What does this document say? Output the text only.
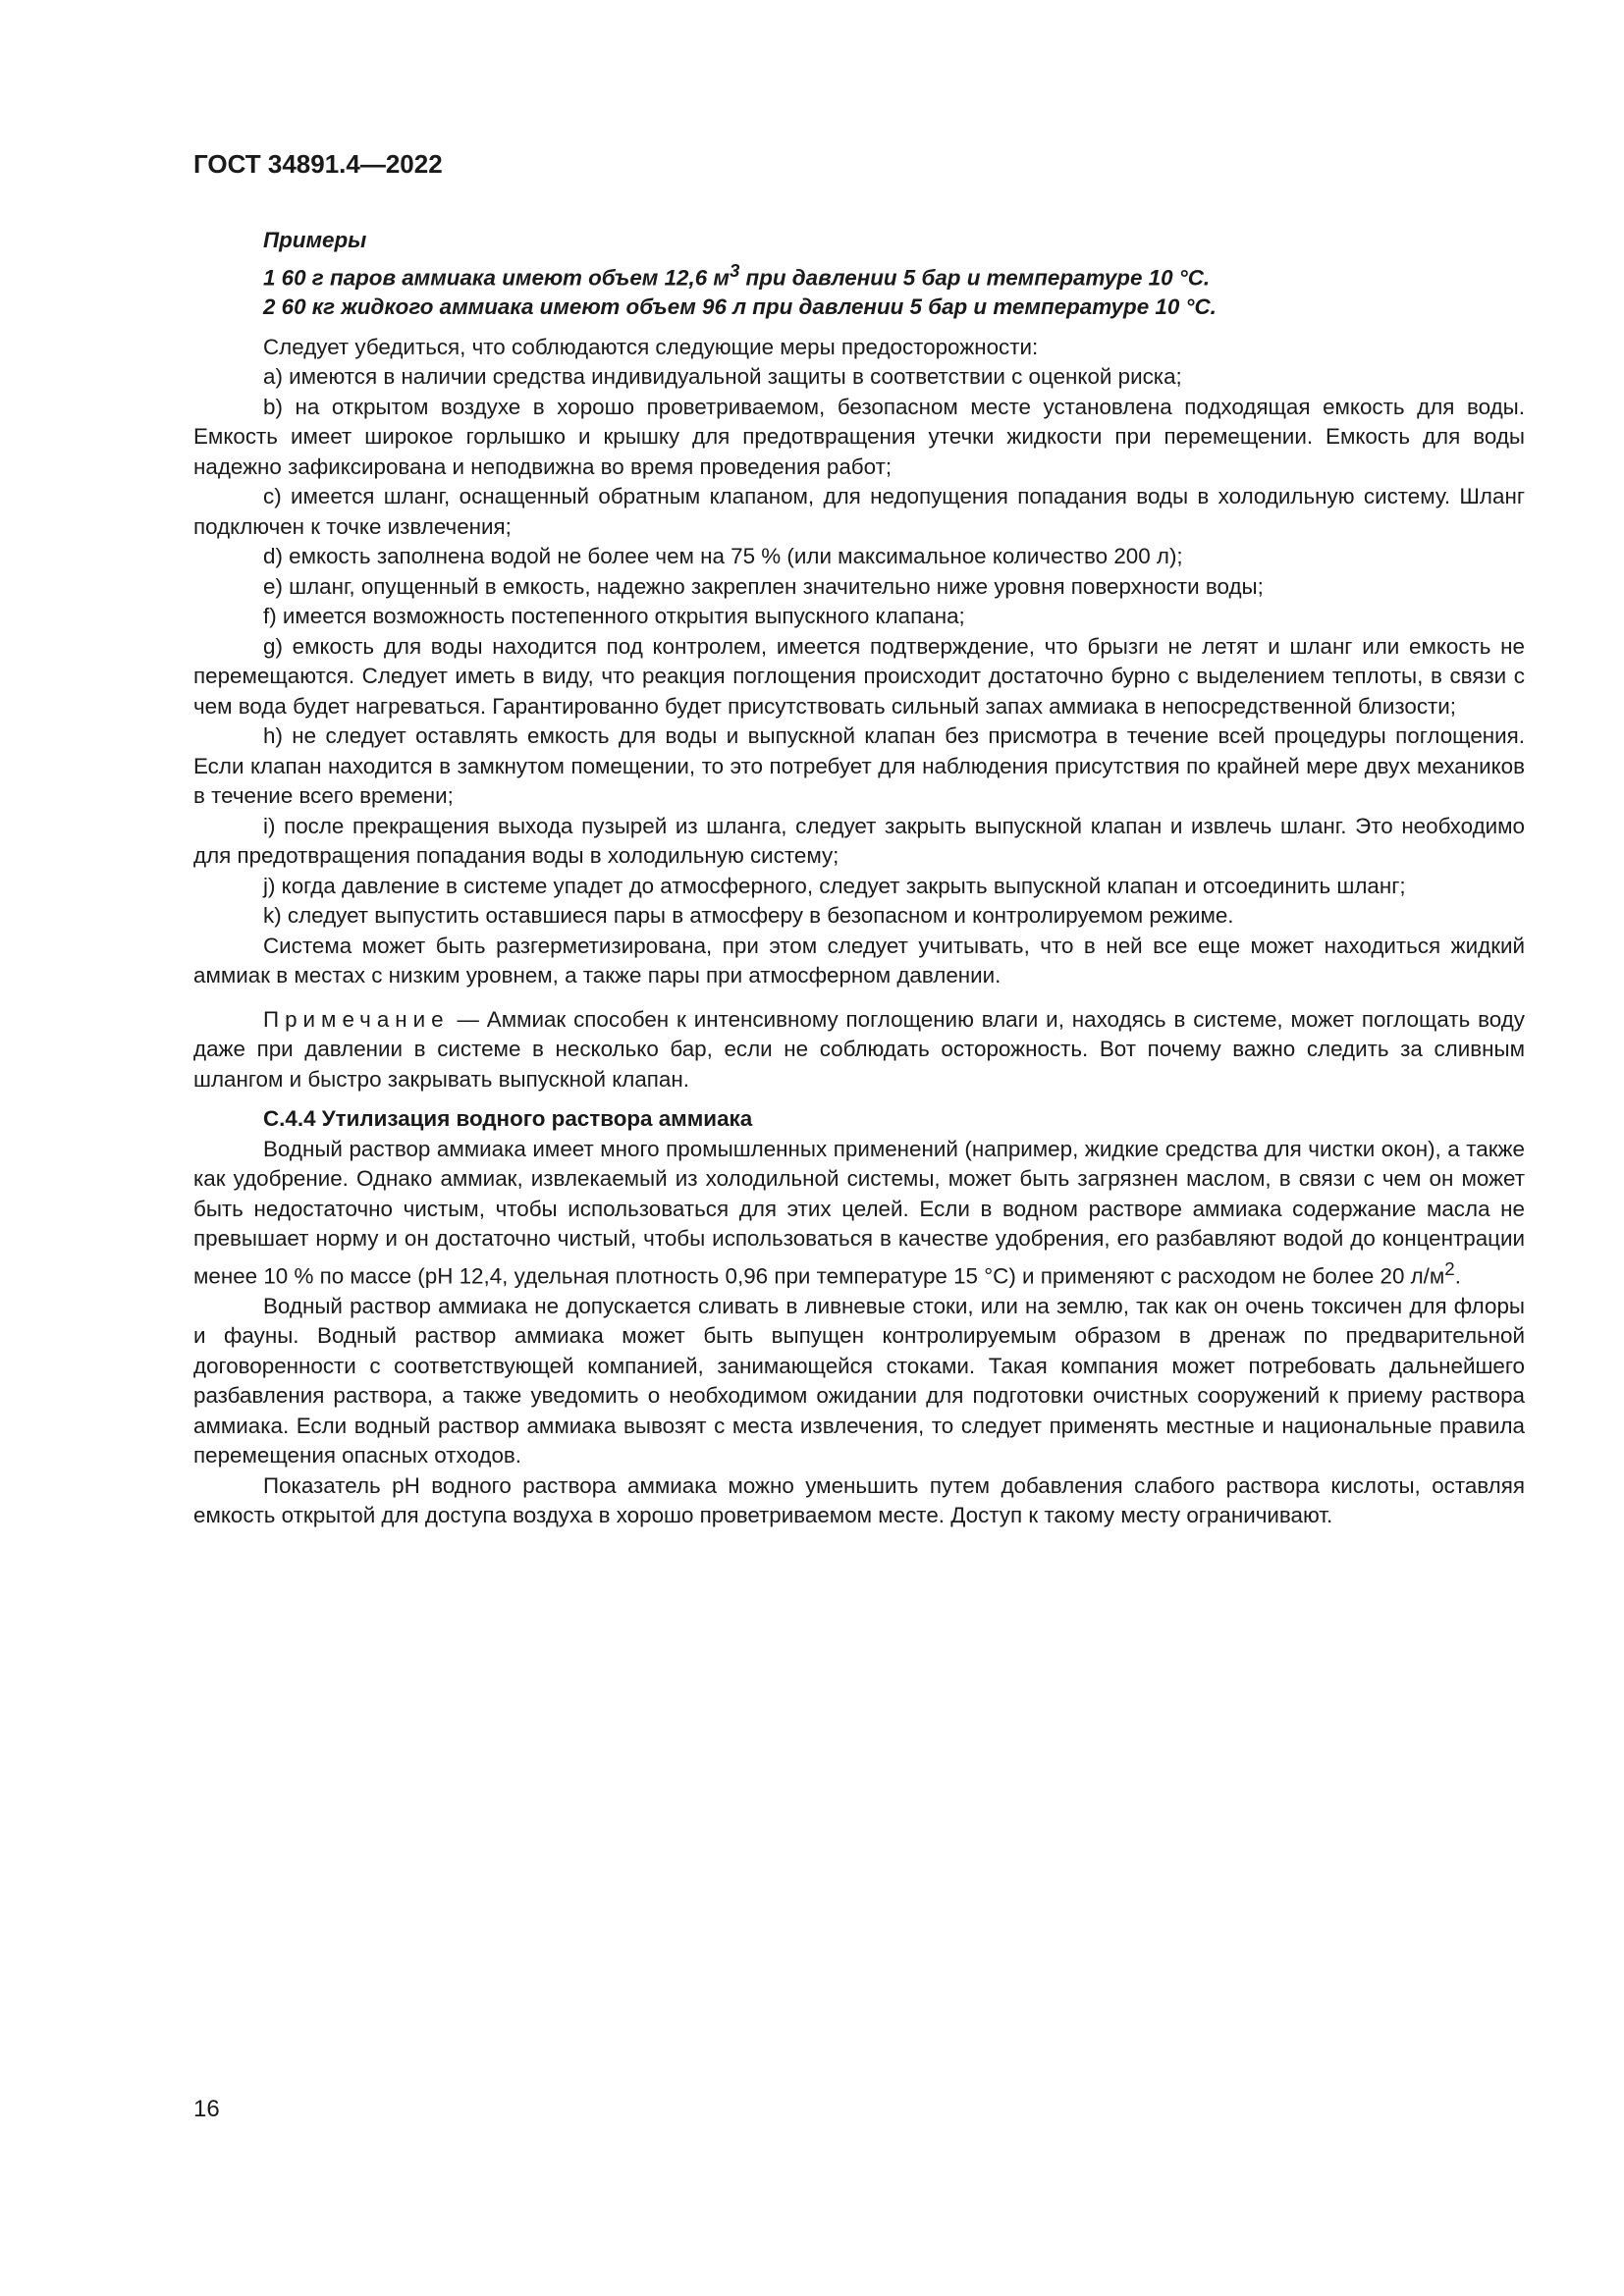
ГОСТ 34891.4—2022

Примеры

1 60 г паров аммиака имеют объем 12,6 $м^3$ при давлении 5 бар и температуре 10 °С.

2 60 кг жидкого аммиака имеют объем 96 л при давлении 5 бар и температуре 10 °С.

Следует убедиться, что соблюдаются следующие меры предосторожности:

a) имеются в наличии средства индивидуальной защиты в соответствии с оценкой риска;

b) на открытом воздухе в хорошо проветриваемом, безопасном месте установлена подходящая емкость для воды. Емкость имеет широкое горлышко и крышку для предотвращения утечки жидкости при перемещении. Емкость для воды надежно зафиксирована и неподвижна во время проведения работ;

c) имеется шланг, оснащенный обратным клапаном, для недопущения попадания воды в холодильную систему. Шланг подключен к точке извлечения;

d) емкость заполнена водой не более чем на 75 % (или максимальное количество 200 л);

e) шланг, опущенный в емкость, надежно закреплен значительно ниже уровня поверхности воды;

f) имеется возможность постепенного открытия выпускного клапана;

g) емкость для воды находится под контролем, имеется подтверждение, что брызги не летят и шланг или емкость не перемещаются. Следует иметь в виду, что реакция поглощения происходит достаточно бурно с выделением теплоты, в связи с чем вода будет нагреваться. Гарантированно будет присутствовать сильный запах аммиака в непосредственной близости;

h) не следует оставлять емкость для воды и выпускной клапан без присмотра в течение всей процедуры поглощения. Если клапан находится в замкнутом помещении, то это потребует для наблюдения присутствия по крайней мере двух механиков в течение всего времени;

i) после прекращения выхода пузырей из шланга, следует закрыть выпускной клапан и извлечь шланг. Это необходимо для предотвращения попадания воды в холодильную систему;

j) когда давление в системе упадет до атмосферного, следует закрыть выпускной клапан и отсоединить шланг;

k) следует выпустить оставшиеся пары в атмосферу в безопасном и контролируемом режиме.

Система может быть разгерметизирована, при этом следует учитывать, что в ней все еще может находиться жидкий аммиак в местах с низким уровнем, а также пары при атмосферном давлении.

Примечание — Аммиак способен к интенсивному поглощению влаги и, находясь в системе, может поглощать воду даже при давлении в системе в несколько бар, если не соблюдать осторожность. Вот почему важно следить за сливным шлангом и быстро закрывать выпускной клапан.

С.4.4 Утилизация водного раствора аммиака

Водный раствор аммиака имеет много промышленных применений (например, жидкие средства для чистки окон), а также как удобрение. Однако аммиак, извлекаемый из холодильной системы, может быть загрязнен маслом, в связи с чем он может быть недостаточно чистым, чтобы использоваться для этих целей. Если в водном растворе аммиака содержание масла не превышает норму и он достаточно чистый, чтобы использоваться в качестве удобрения, его разбавляют водой до концентрации менее 10 % по массе (pH 12,4, удельная плотность 0,96 при температуре 15 °С) и применяют с расходом не более 20 $л/м^2$.

Водный раствор аммиака не допускается сливать в ливневые стоки, или на землю, так как он очень токсичен для флоры и фауны. Водный раствор аммиака может быть выпущен контролируемым образом в дренаж по предварительной договоренности с соответствующей компанией, занимающейся стоками. Такая компания может потребовать дальнейшего разбавления раствора, а также уведомить о необходимом ожидании для подготовки очистных сооружений к приему раствора аммиака. Если водный раствор аммиака вывозят с места извлечения, то следует применять местные и национальные правила перемещения опасных отходов.

Показатель pH водного раствора аммиака можно уменьшить путем добавления слабого раствора кислоты, оставляя емкость открытой для доступа воздуха в хорошо проветриваемом месте. Доступ к такому месту ограничивают.

16
